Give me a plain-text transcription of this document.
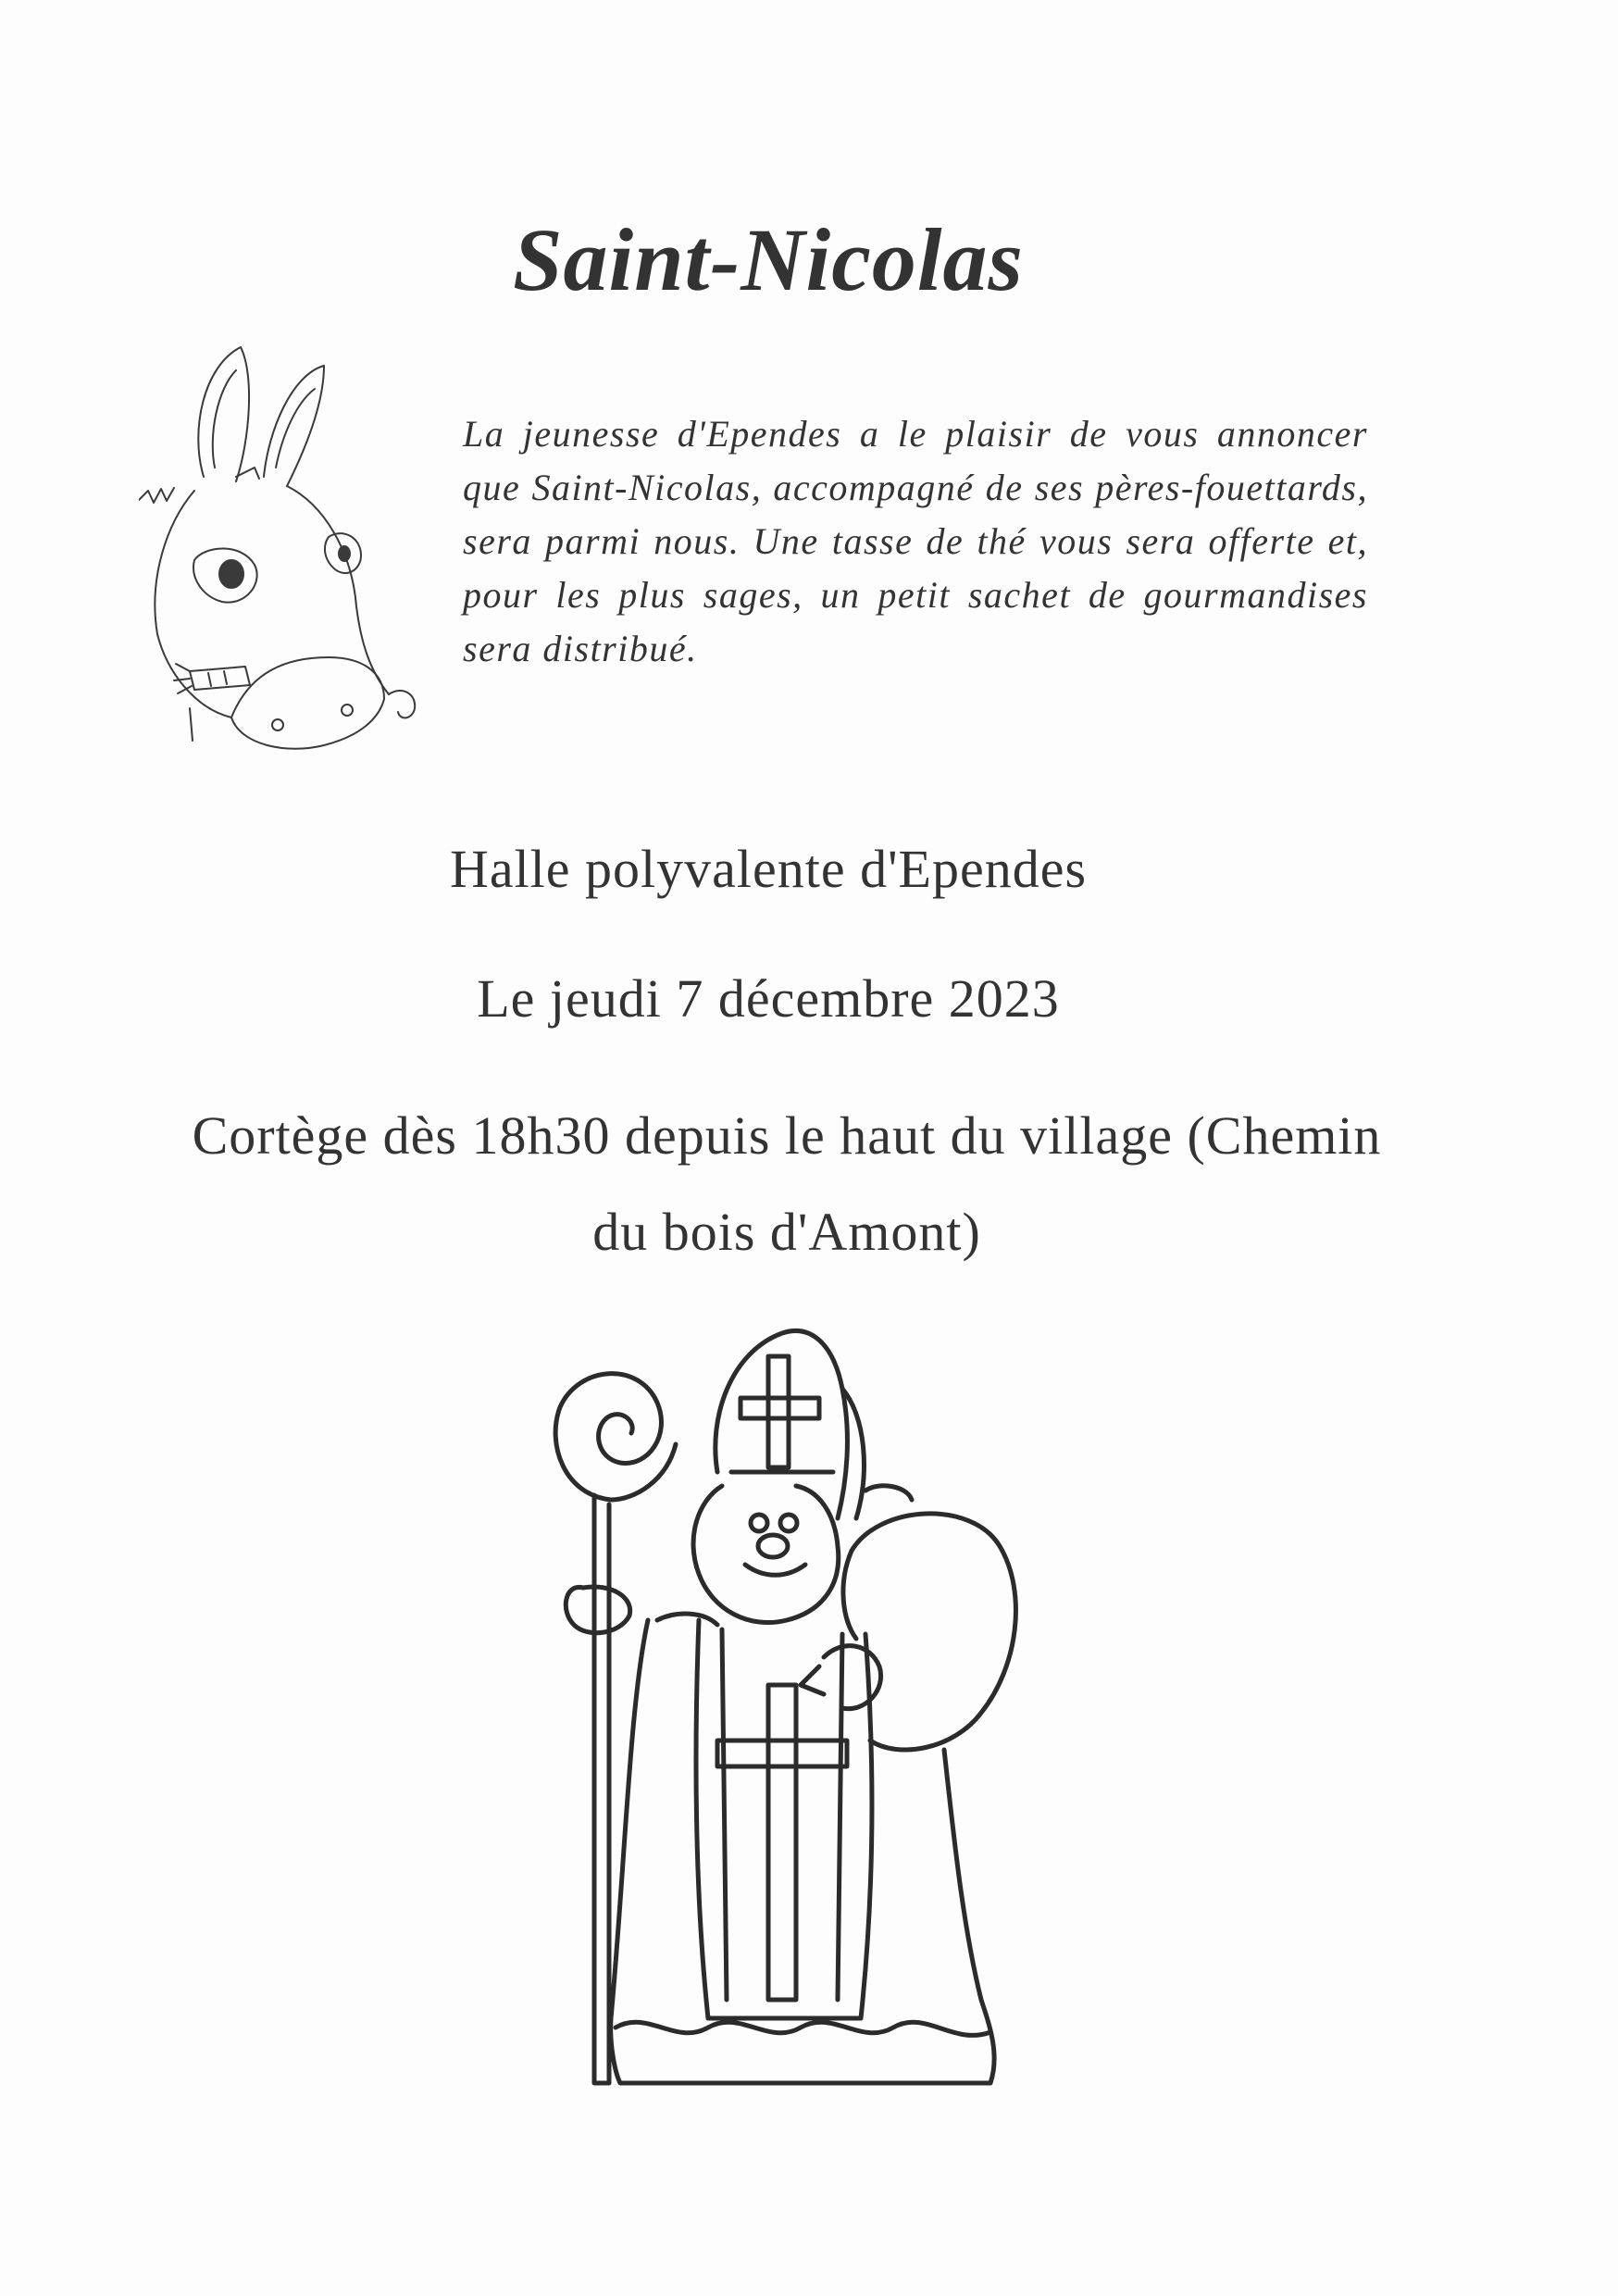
Saint-Nicolas
La jeunesse d'Ependes a le plaisir de vous annoncer que Saint-Nicolas, accompagné de ses pères-fouettards, sera parmi nous. Une tasse de thé vous sera offerte et, pour les plus sages, un petit sachet de gourmandises sera distribué.
Halle polyvalente d'Ependes
Le jeudi 7 décembre 2023
Cortège dès 18h30 depuis le haut du village (Chemin du bois d'Amont)
